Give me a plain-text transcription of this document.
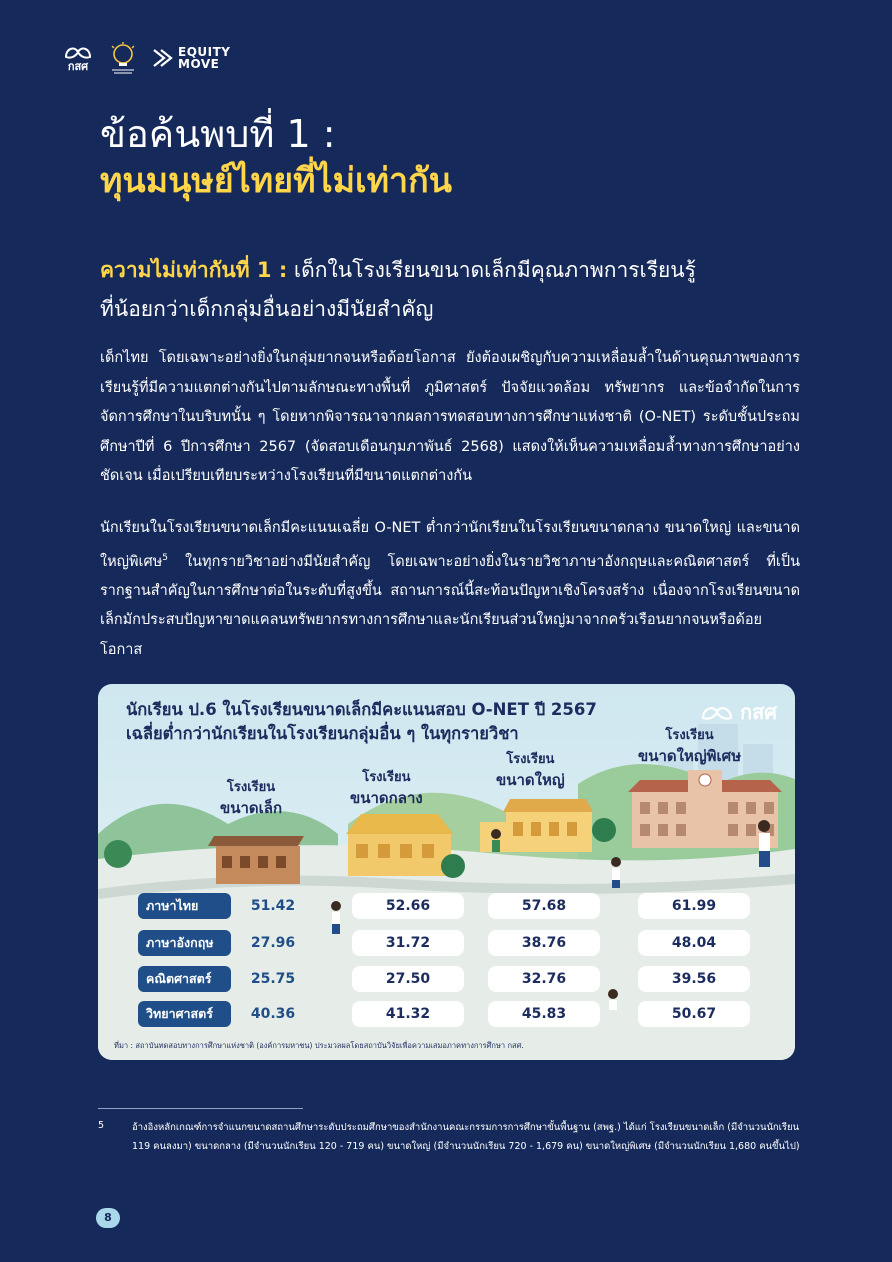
กสศ
EQUITY
MOVE
ข้อค้นพบที่ 1 :
ทุนมนุษย์ไทยที่ไม่เท่ากัน
ความไม่เท่ากันที่ 1 : เด็กในโรงเรียนขนาดเล็กมีคุณภาพการเรียนรู้
ที่น้อยกว่าเด็กกลุ่มอื่นอย่างมีนัยสำคัญ
เด็กไทย โดยเฉพาะอย่างยิ่งในกลุ่มยากจนหรือด้อยโอกาส ยังต้องเผชิญกับความเหลื่อมล้ำในด้านคุณภาพของการเรียนรู้ที่มีความแตกต่างกันไปตามลักษณะทางพื้นที่ ภูมิศาสตร์ ปัจจัยแวดล้อม ทรัพยากร และข้อจำกัดในการจัดการศึกษาในบริบทนั้น ๆ โดยหากพิจารณาจากผลการทดสอบทางการศึกษาแห่งชาติ (O-NET) ระดับชั้นประถมศึกษาปีที่ 6 ปีการศึกษา 2567 (จัดสอบเดือนกุมภาพันธ์ 2568) แสดงให้เห็นความเหลื่อมล้ำทางการศึกษาอย่างชัดเจน เมื่อเปรียบเทียบระหว่างโรงเรียนที่มีขนาดแตกต่างกัน
นักเรียนในโรงเรียนขนาดเล็กมีคะแนนเฉลี่ย O-NET ต่ำกว่านักเรียนในโรงเรียนขนาดกลาง ขนาดใหญ่ และขนาดใหญ่พิเศษ$^5$ ในทุกรายวิชาอย่างมีนัยสำคัญ โดยเฉพาะอย่างยิ่งในรายวิชาภาษาอังกฤษและคณิตศาสตร์ ที่เป็นรากฐานสำคัญในการศึกษาต่อในระดับที่สูงขึ้น สถานการณ์นี้สะท้อนปัญหาเชิงโครงสร้าง เนื่องจากโรงเรียนขนาดเล็กมักประสบปัญหาขาดแคลนทรัพยากรทางการศึกษาและนักเรียนส่วนใหญ่มาจากครัวเรือนยากจนหรือด้อยโอกาส
นักเรียน ป.6 ในโรงเรียนขนาดเล็กมีคะแนนสอบ O-NET ปี 2567
เฉลี่ยต่ำกว่านักเรียนในโรงเรียนกลุ่มอื่น ๆ ในทุกรายวิชา
กสศ
โรงเรียน
ขนาดเล็ก
โรงเรียน
ขนาดกลาง
โรงเรียน
ขนาดใหญ่
โรงเรียน
ขนาดใหญ่พิเศษ
ภาษาไทย	51.42	52.66	57.68	61.99
ภาษาอังกฤษ	27.96	31.72	38.76	48.04
คณิตศาสตร์	25.75	27.50	32.76	39.56
วิทยาศาสตร์	40.36	41.32	45.83	50.67
ที่มา : สถาบันทดสอบทางการศึกษาแห่งชาติ (องค์การมหาชน) ประมวลผลโดยสถาบันวิจัยเพื่อความเสมอภาคทางการศึกษา กสศ.
5	อ้างอิงหลักเกณฑ์การจำแนกขนาดสถานศึกษาระดับประถมศึกษาของสำนักงานคณะกรรมการการศึกษาขั้นพื้นฐาน (สพฐ.) ได้แก่ โรงเรียนขนาดเล็ก (มีจำนวนนักเรียน 119 คนลงมา) ขนาดกลาง (มีจำนวนนักเรียน 120 - 719 คน) ขนาดใหญ่ (มีจำนวนนักเรียน 720 - 1,679 คน) ขนาดใหญ่พิเศษ (มีจำนวนนักเรียน 1,680 คนขึ้นไป)
8
